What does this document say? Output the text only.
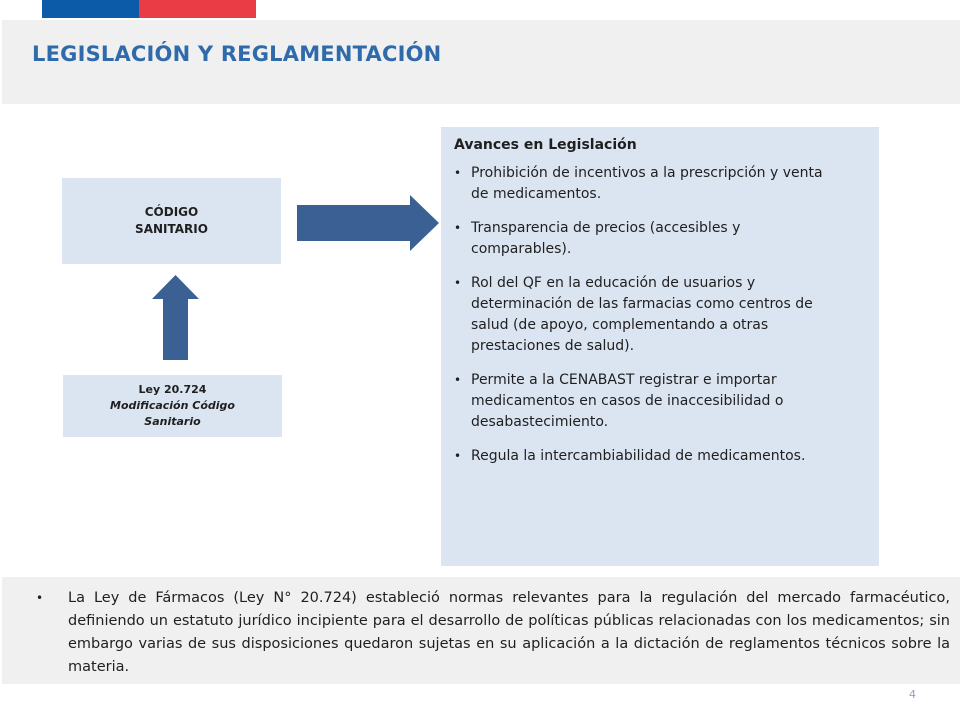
LEGISLACIÓN Y REGLAMENTACIÓN
CÓDIGO
SANITARIO
Ley 20.724
Modificación Código
Sanitario

Avances en Legislación

• Prohibición de incentivos a la prescripción y venta
de medicamentos.
• Transparencia de precios (accesibles y
comparables).
• Rol del QF en la educación de usuarios y
determinación de las farmacias como centros de
salud (de apoyo, complementando a otras
prestaciones de salud).
• Permite a la CENABAST registrar e importar
medicamentos en casos de inaccesibilidad o
desabastecimiento.
• Regula la intercambiabilidad de medicamentos.
• La Ley de Fármacos (Ley N° 20.724) estableció normas relevantes para la regulación del mercado farmacéutico, definiendo un estatuto jurídico incipiente para el desarrollo de políticas públicas relacionadas con los medicamentos; sin embargo varias de sus disposiciones quedaron sujetas en su aplicación a la dictación de reglamentos técnicos sobre la materia.

4
